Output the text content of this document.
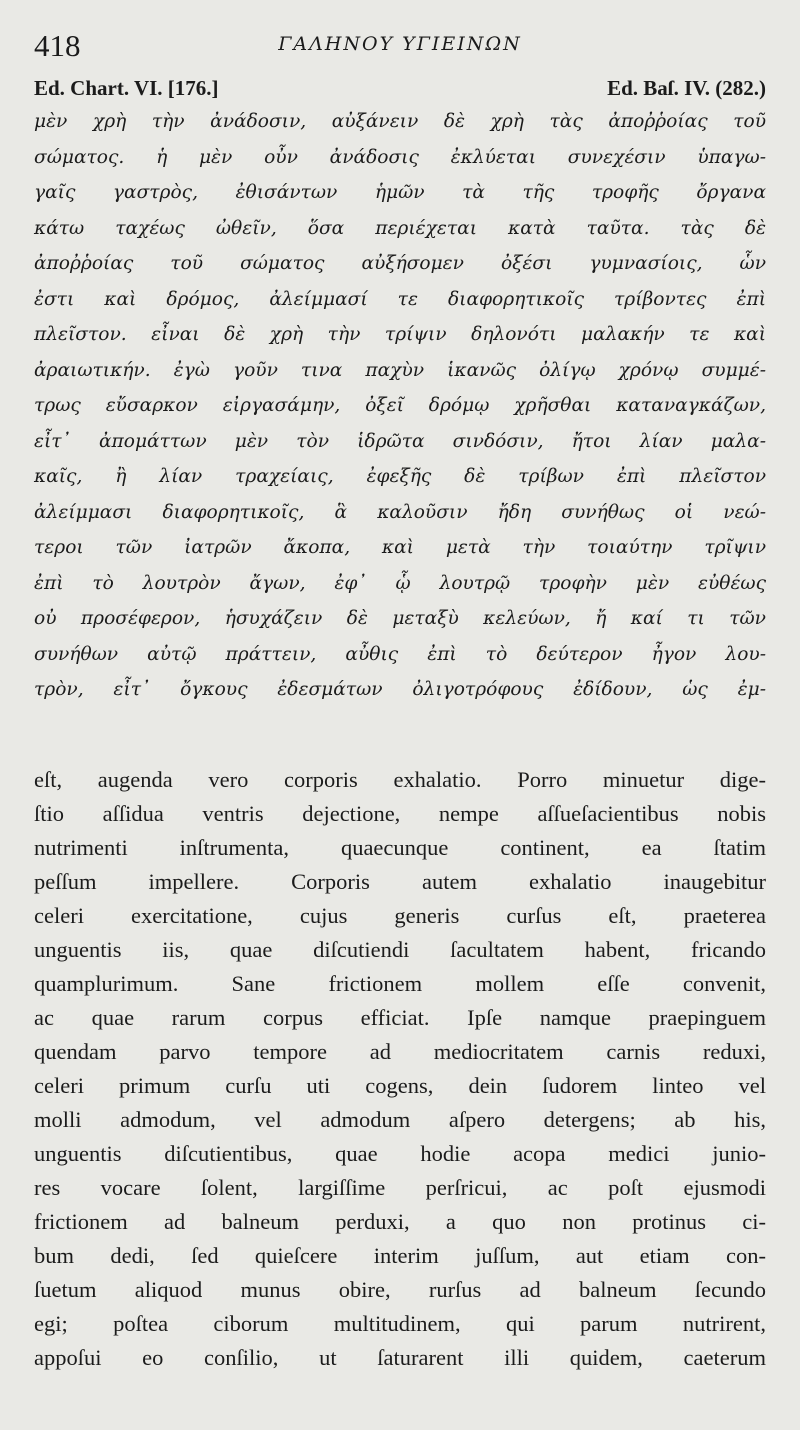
418	ΓΑΛΗΝΟΥ ΥΓΙΕΙΝΩΝ
Ed. Chart. VI. [176.]	Ed. Baſ. IV. (282.)
μὲν χρὴ τὴν ἀνάδοσιν, αὐξάνειν δὲ χρὴ τὰς ἀποῤῥοίας τοῦ
σώματος. ἡ μὲν οὖν ἀνάδοσις ἐκλύεται συνεχέσιν ὑπαγω-
γαῖς γαστρὸς, ἐθισάντων ἡμῶν τὰ τῆς τροφῆς ὄργανα
κάτω ταχέως ὠθεῖν, ὅσα περιέχεται κατὰ ταῦτα. τὰς δὲ
ἀποῤῥοίας τοῦ σώματος αὐξήσομεν ὀξέσι γυμνασίοις, ὧν
ἐστι καὶ δρόμος, ἀλείμμασί τε διαφορητικοῖς τρίβοντες ἐπὶ
πλεῖστον. εἶναι δὲ χρὴ τὴν τρίψιν δηλονότι μαλακήν τε καὶ
ἀραιωτικήν. ἐγὼ γοῦν τινα παχὺν ἱκανῶς ὀλίγῳ χρόνῳ συμμέ-
τρως εὔσαρκον εἰργασάμην, ὀξεῖ δρόμῳ χρῆσθαι καταναγκάζων,
εἶτ᾽ ἀπομάττων μὲν τὸν ἱδρῶτα σινδόσιν, ἤτοι λίαν μαλα-
καῖς, ἢ λίαν τραχείαις, ἐφεξῆς δὲ τρίβων ἐπὶ πλεῖστον
ἀλείμμασι διαφορητικοῖς, ἃ καλοῦσιν ἤδη συνήθως οἱ νεώ-
τεροι τῶν ἰατρῶν ἄκοπα, καὶ μετὰ τὴν τοιαύτην τρῖψιν
ἐπὶ τὸ λουτρὸν ἄγων, ἐφ᾽ ᾧ λουτρῷ τροφὴν μὲν εὐθέως
οὐ προσέφερον, ἡσυχάζειν δὲ μεταξὺ κελεύων, ἤ καί τι τῶν
συνήθων αὐτῷ πράττειν, αὖθις ἐπὶ τὸ δεύτερον ἦγον λου-
τρὸν, εἶτ᾽ ὄγκους ἐδεσμάτων ὀλιγοτρόφους ἐδίδουν, ὡς ἐμ-
eſt, augenda vero corporis exhalatio. Porro minuetur dige-
ſtio aſſidua ventris dejectione, nempe aſſueſacientibus nobis
nutrimenti inſtrumenta, quaecunque continent, ea ſtatim
peſſum impellere. Corporis autem exhalatio inaugebitur
celeri exercitatione, cujus generis curſus eſt, praeterea
unguentis iis, quae diſcutiendi ſacultatem habent, fricando
quamplurimum. Sane frictionem mollem eſſe convenit,
ac quae rarum corpus efficiat. Ipſe namque praepinguem
quendam parvo tempore ad mediocritatem carnis reduxi,
celeri primum curſu uti cogens, dein ſudorem linteo vel
molli admodum, vel admodum aſpero detergens; ab his,
unguentis diſcutientibus, quae hodie acopa medici junio-
res vocare ſolent, largiſſime perſricui, ac poſt ejusmodi
frictionem ad balneum perduxi, a quo non protinus ci-
bum dedi, ſed quieſcere interim juſſum, aut etiam con-
ſuetum aliquod munus obire, rurſus ad balneum ſecundo
egi; poſtea ciborum multitudinem, qui parum nutrirent,
appoſui eo conſilio, ut ſaturarent illi quidem, caeterum
